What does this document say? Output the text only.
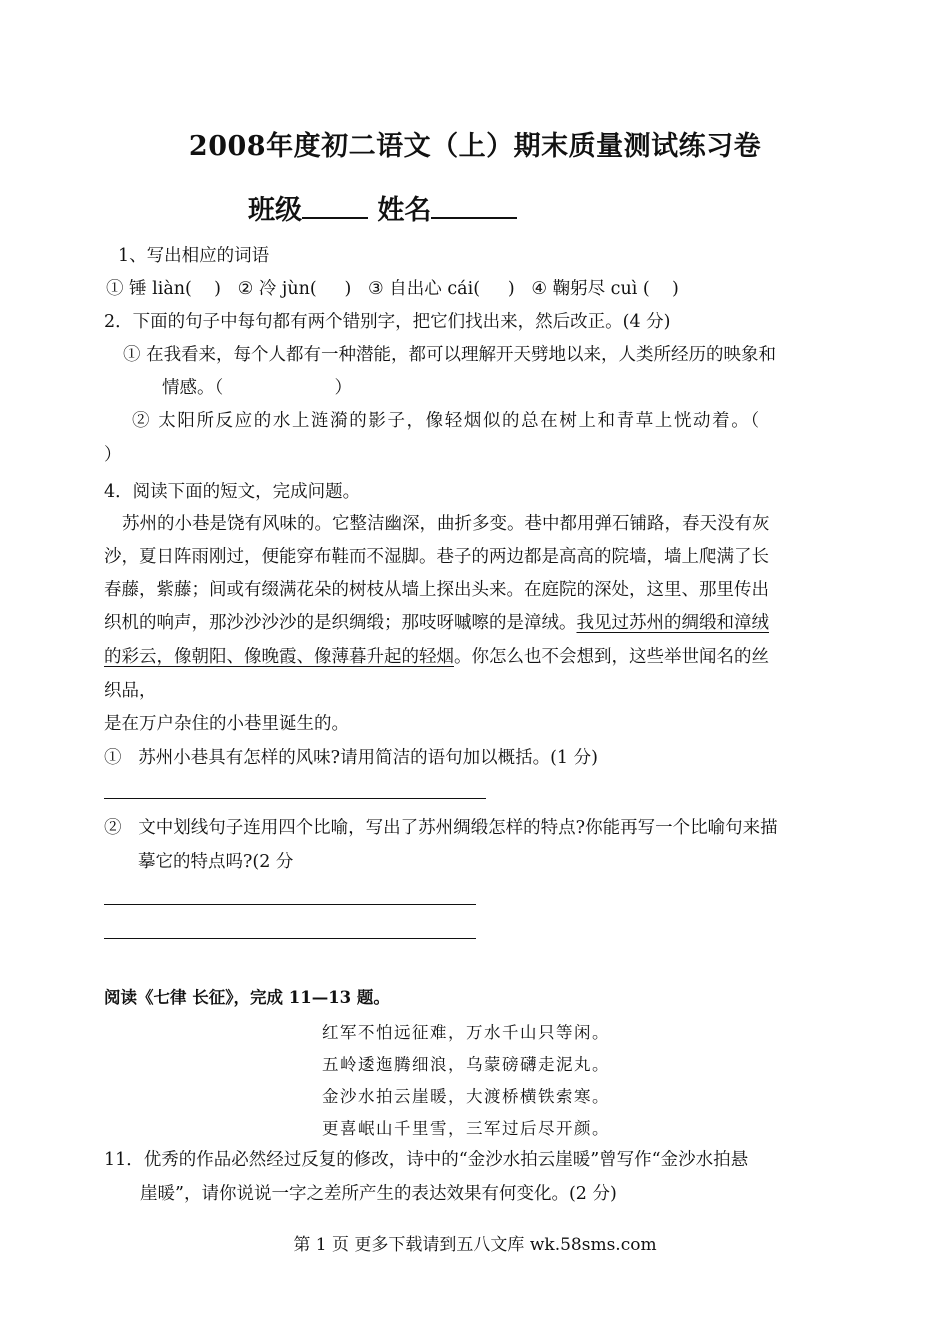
2008年度初二语文（上）期末质量测试练习卷
班级	姓名
1、写出相应的词语
① 锤 liàn(    )   ② 冷 jùn(     )   ③ 自出心 cái(     )   ④ 鞠躬尽 cuì (    )
2．下面的句子中每句都有两个错别字，把它们找出来，然后改正。(4 分)
① 在我看来，每个人都有一种潜能，都可以理解开天劈地以来，人类所经历的映象和
情感。（                    ）
② 太阳所反应的水上涟漪的影子，像轻烟似的总在树上和青草上恍动着。（
）
4．阅读下面的短文，完成问题。
苏州的小巷是饶有风味的。它整洁幽深，曲折多变。巷中都用弹石铺路，春天没有灰
沙，夏日阵雨刚过，便能穿布鞋而不湿脚。巷子的两边都是高高的院墙，墙上爬满了长
春藤，紫藤；间或有缀满花朵的树枝从墙上探出头来。在庭院的深处，这里、那里传出
织机的响声，那沙沙沙沙的是织绸缎；那吱呀嘁嚓的是漳绒。我见过苏州的绸缎和漳绒
的彩云，像朝阳、像晚霞、像薄暮升起的轻烟。你怎么也不会想到，这些举世闻名的丝
织品，
是在万户杂住的小巷里诞生的。
①   苏州小巷具有怎样的风味?请用简洁的语句加以概括。(1 分)
②   文中划线句子连用四个比喻，写出了苏州绸缎怎样的特点?你能再写一个比喻句来描
摹它的特点吗?(2 分
阅读《七律 长征》，完成 11—13 题。
红军不怕远征难，万水千山只等闲。
五岭逶迤腾细浪，乌蒙磅礴走泥丸。
金沙水拍云崖暖，大渡桥横铁索寒。
更喜岷山千里雪，三军过后尽开颜。
11．优秀的作品必然经过反复的修改，诗中的“金沙水拍云崖暖”曾写作“金沙水拍悬
崖暖”，请你说说一字之差所产生的表达效果有何变化。(2 分)
第 1 页 更多下载请到五八文库 wk.58sms.com
